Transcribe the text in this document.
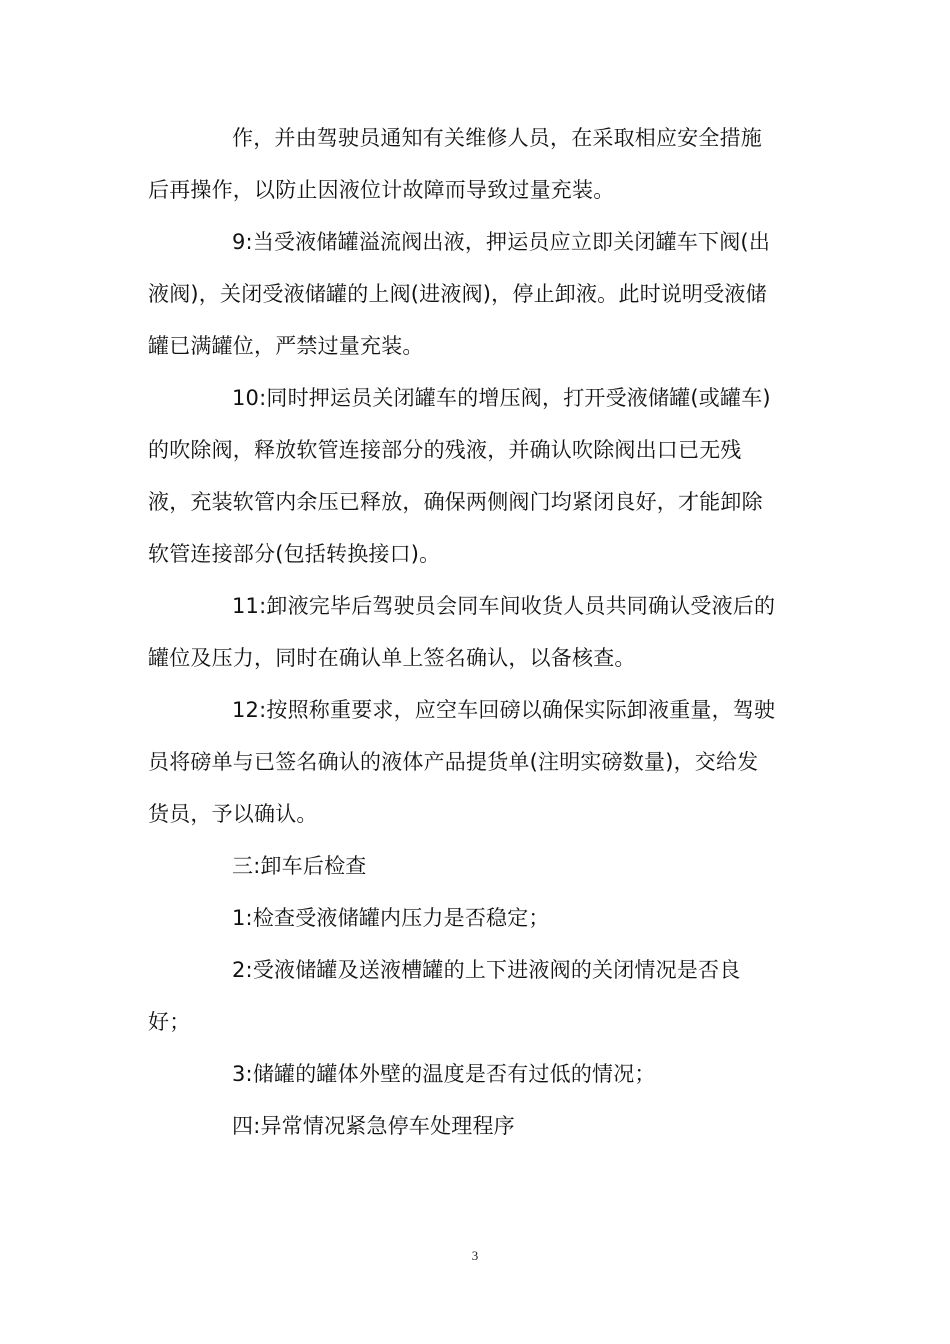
作，并由驾驶员通知有关维修人员，在采取相应安全措施
后再操作，以防止因液位计故障而导致过量充装。

9:当受液储罐溢流阀出液，押运员应立即关闭罐车下阀(出
液阀)，关闭受液储罐的上阀(进液阀)，停止卸液。此时说明受液储
罐已满罐位，严禁过量充装。

10:同时押运员关闭罐车的增压阀，打开受液储罐(或罐车)
的吹除阀，释放软管连接部分的残液，并确认吹除阀出口已无残
液，充装软管内余压已释放，确保两侧阀门均紧闭良好，才能卸除
软管连接部分(包括转换接口)。

11:卸液完毕后驾驶员会同车间收货人员共同确认受液后的
罐位及压力，同时在确认单上签名确认，以备核查。

12:按照称重要求，应空车回磅以确保实际卸液重量，驾驶
员将磅单与已签名确认的液体产品提货单(注明实磅数量)，交给发
货员，予以确认。

三:卸车后检查

1:检查受液储罐内压力是否稳定；

2:受液储罐及送液槽罐的上下进液阀的关闭情况是否良
好；

3:储罐的罐体外壁的温度是否有过低的情况；

四:异常情况紧急停车处理程序

3
